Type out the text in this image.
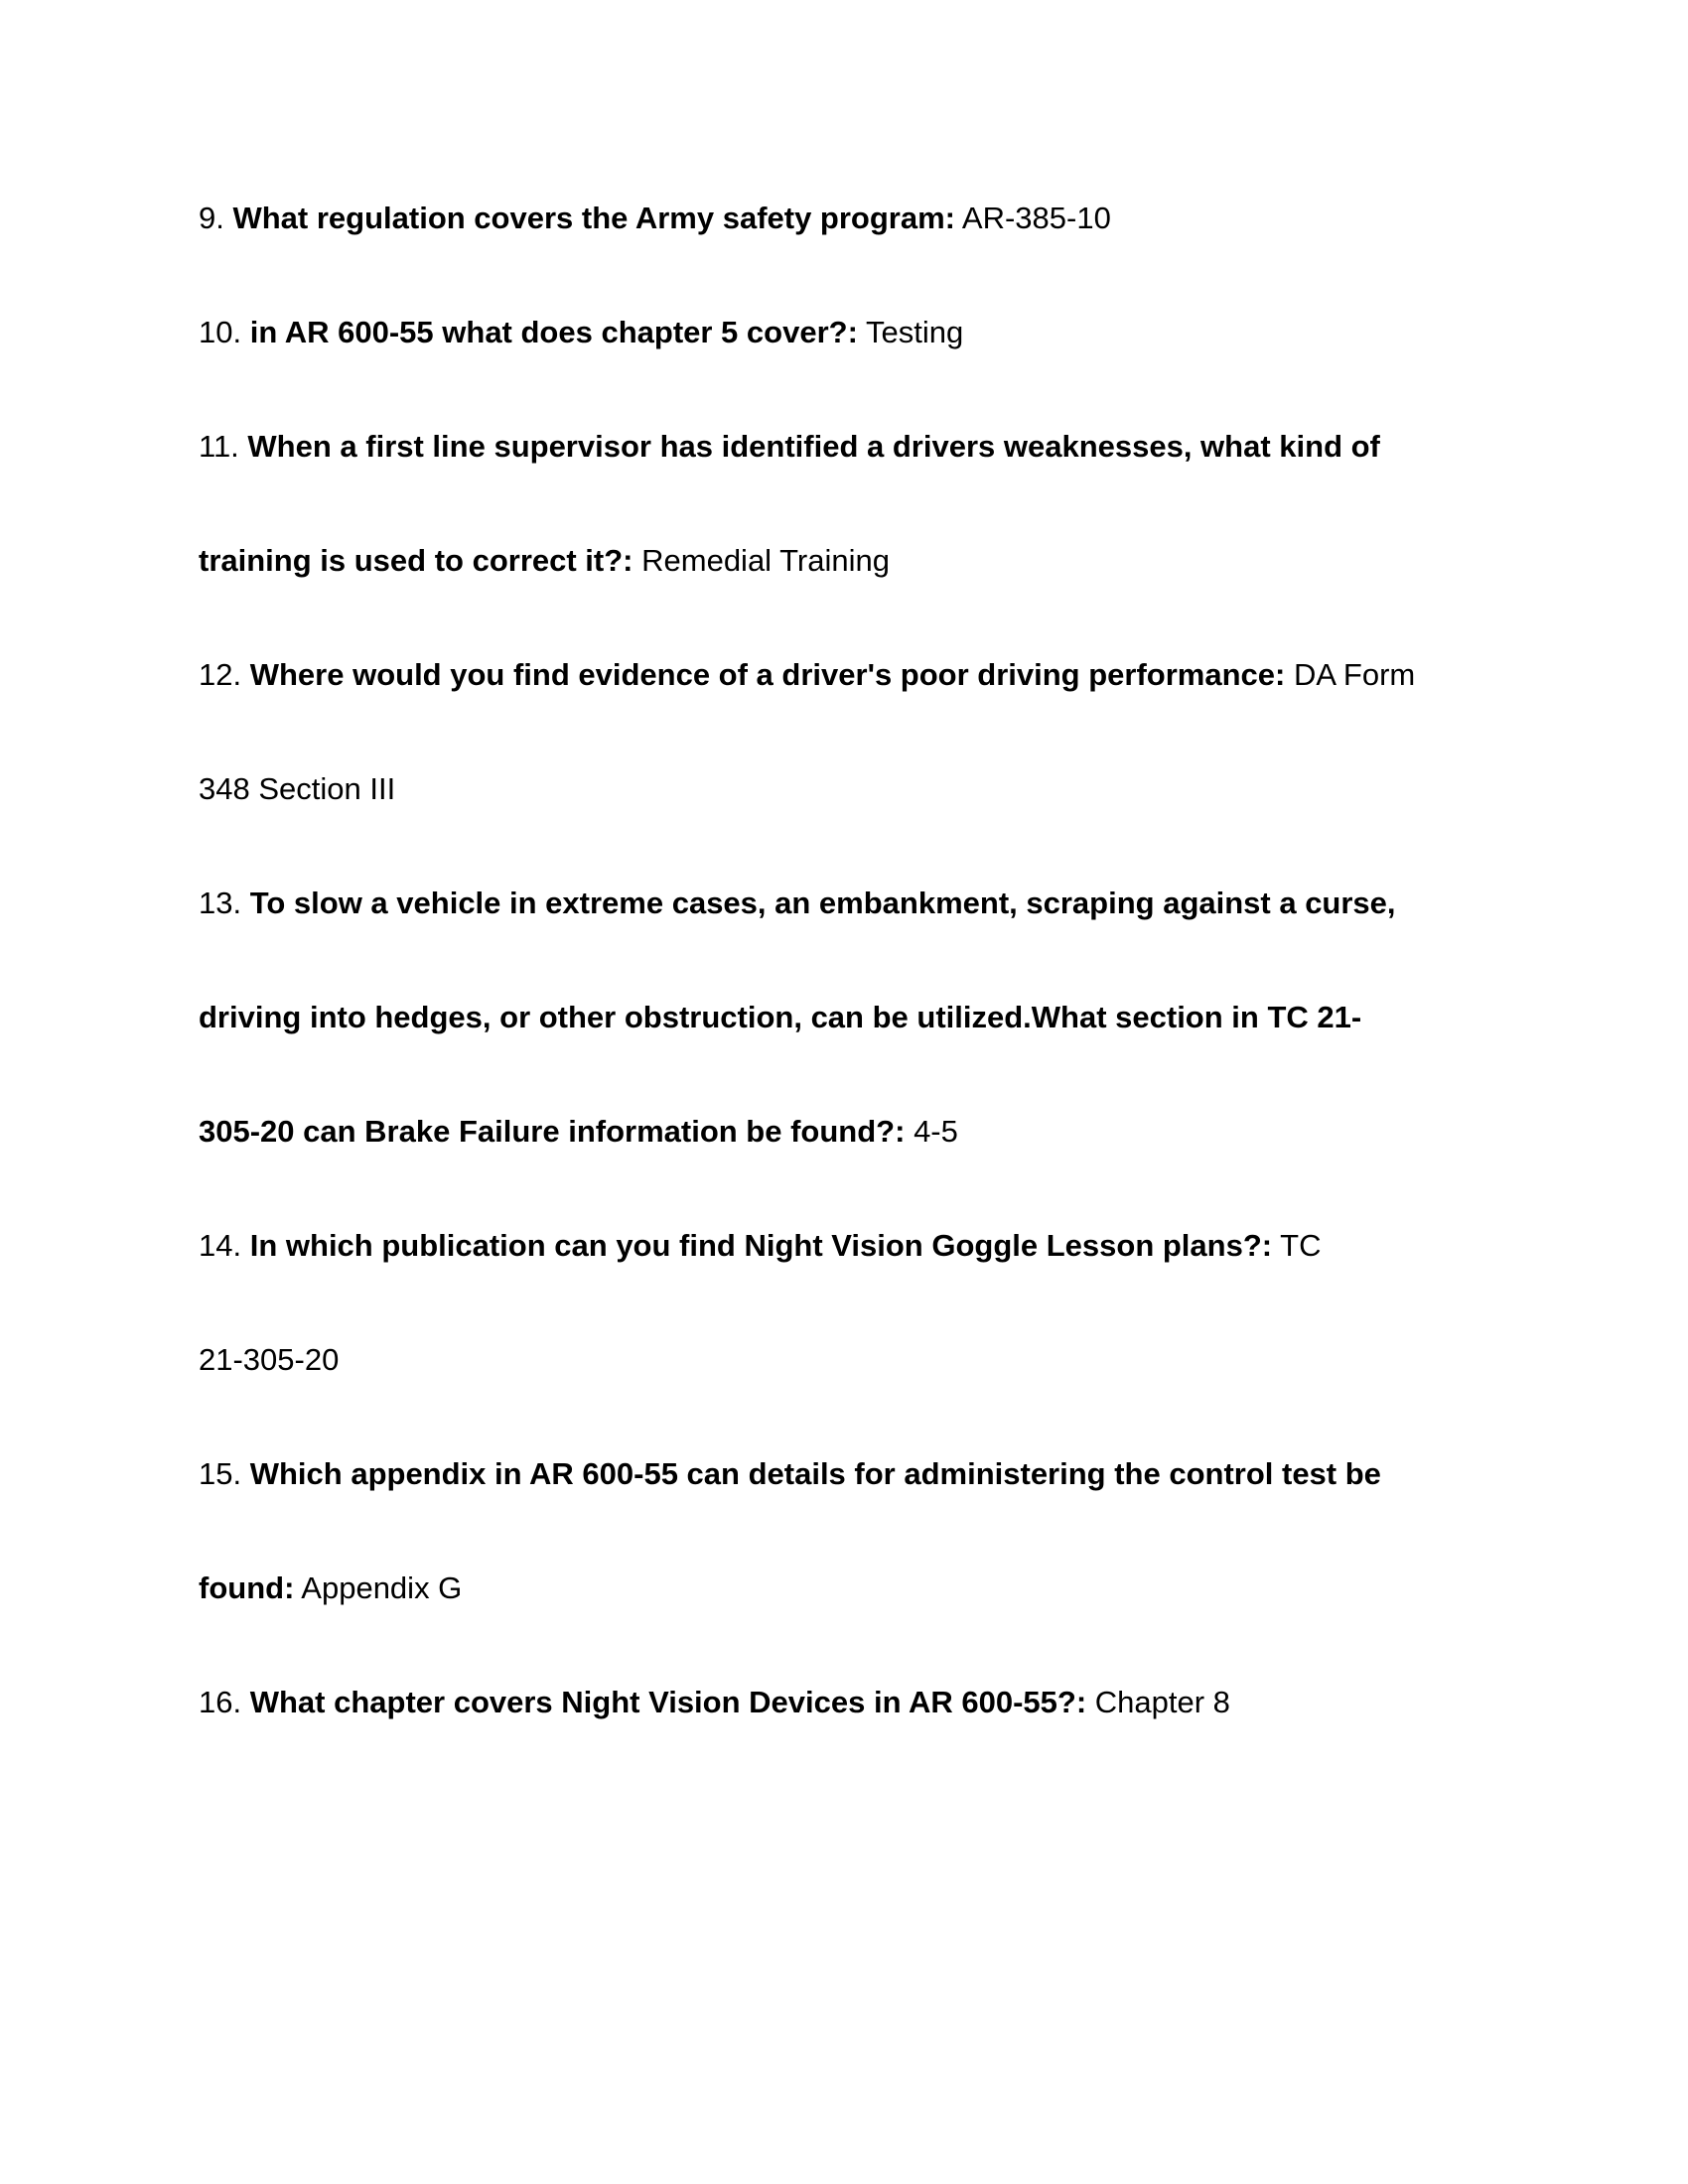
9. What regulation covers the Army safety program: AR-385-10
10. in AR 600-55 what does chapter 5 cover?: Testing
11. When a first line supervisor has identified a drivers weaknesses, what kind of
training is used to correct it?: Remedial Training
12. Where would you find evidence of a driver's poor driving performance: DA Form
348 Section III
13. To slow a vehicle in extreme cases, an embankment, scraping against a curse,
driving into hedges, or other obstruction, can be utilized.What section in TC 21-
305-20 can Brake Failure information be found?: 4-5
14. In which publication can you find Night Vision Goggle Lesson plans?: TC
21-305-20
15. Which appendix in AR 600-55 can details for administering the control test be
found: Appendix G
16. What chapter covers Night Vision Devices in AR 600-55?: Chapter 8
